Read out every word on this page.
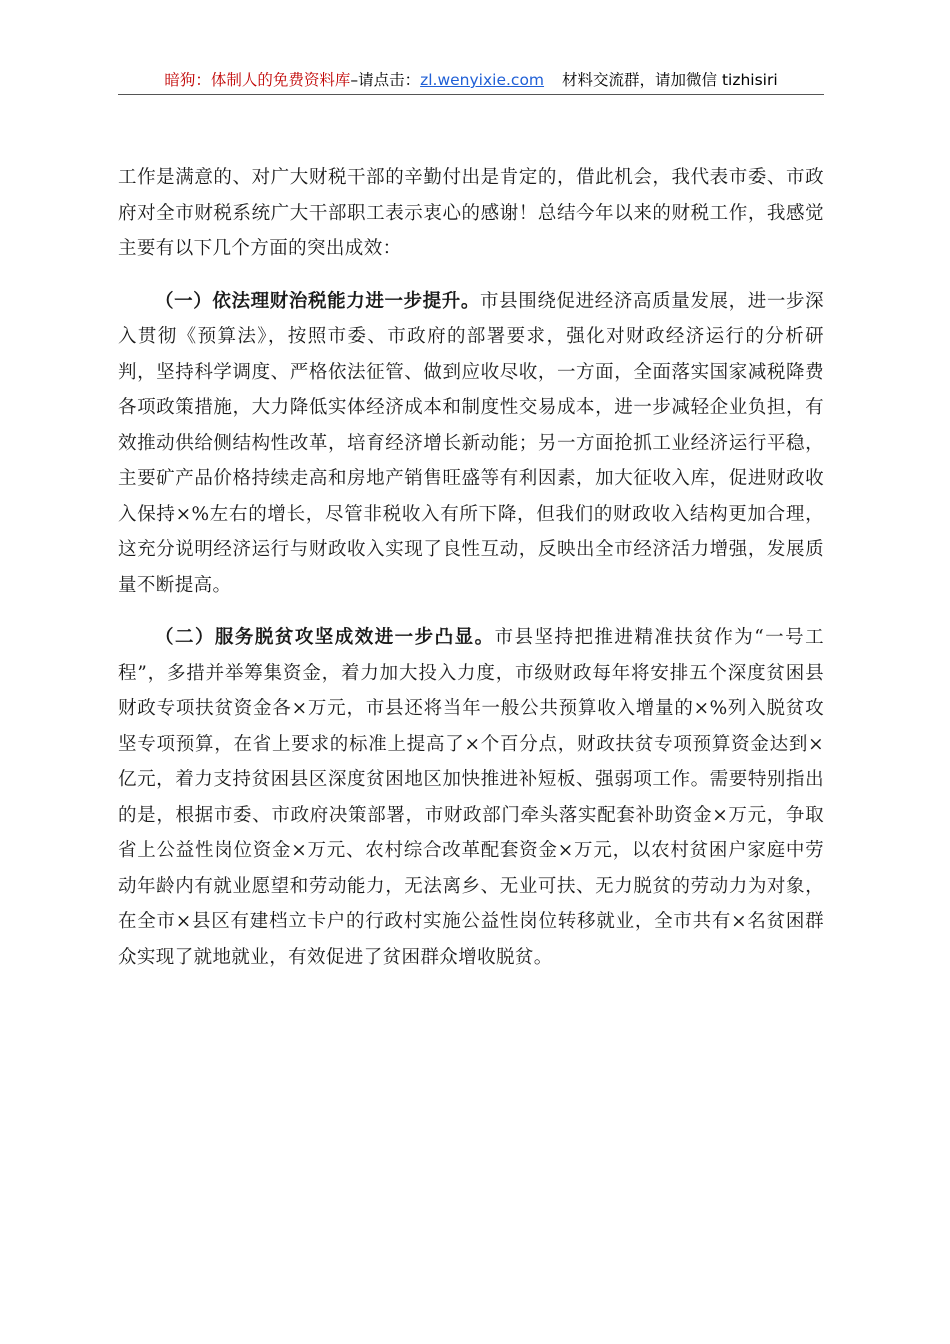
暗狗：体制人的免费资料库–请点击：zl.wenyixie.com 材料交流群，请加微信 tizhisiri

工作是满意的、对广大财税干部的辛勤付出是肯定的，借此机会，我代表市委、市政府对全市财税系统广大干部职工表示衷心的感谢！总结今年以来的财税工作，我感觉主要有以下几个方面的突出成效：

（一）依法理财治税能力进一步提升。市县围绕促进经济高质量发展，进一步深入贯彻《预算法》，按照市委、市政府的部署要求，强化对财政经济运行的分析研判，坚持科学调度、严格依法征管、做到应收尽收，一方面，全面落实国家减税降费各项政策措施，大力降低实体经济成本和制度性交易成本，进一步减轻企业负担，有效推动供给侧结构性改革，培育经济增长新动能；另一方面抢抓工业经济运行平稳，主要矿产品价格持续走高和房地产销售旺盛等有利因素，加大征收入库，促进财政收入保持×%左右的增长，尽管非税收入有所下降，但我们的财政收入结构更加合理，这充分说明经济运行与财政收入实现了良性互动，反映出全市经济活力增强，发展质量不断提高。

（二）服务脱贫攻坚成效进一步凸显。市县坚持把推进精准扶贫作为“一号工程”，多措并举筹集资金，着力加大投入力度，市级财政每年将安排五个深度贫困县财政专项扶贫资金各×万元，市县还将当年一般公共预算收入增量的×%列入脱贫攻坚专项预算，在省上要求的标准上提高了×个百分点，财政扶贫专项预算资金达到×亿元，着力支持贫困县区深度贫困地区加快推进补短板、强弱项工作。需要特别指出的是，根据市委、市政府决策部署，市财政部门牵头落实配套补助资金×万元，争取省上公益性岗位资金×万元、农村综合改革配套资金×万元，以农村贫困户家庭中劳动年龄内有就业愿望和劳动能力，无法离乡、无业可扶、无力脱贫的劳动力为对象，在全市×县区有建档立卡户的行政村实施公益性岗位转移就业，全市共有×名贫困群众实现了就地就业，有效促进了贫困群众增收脱贫。
